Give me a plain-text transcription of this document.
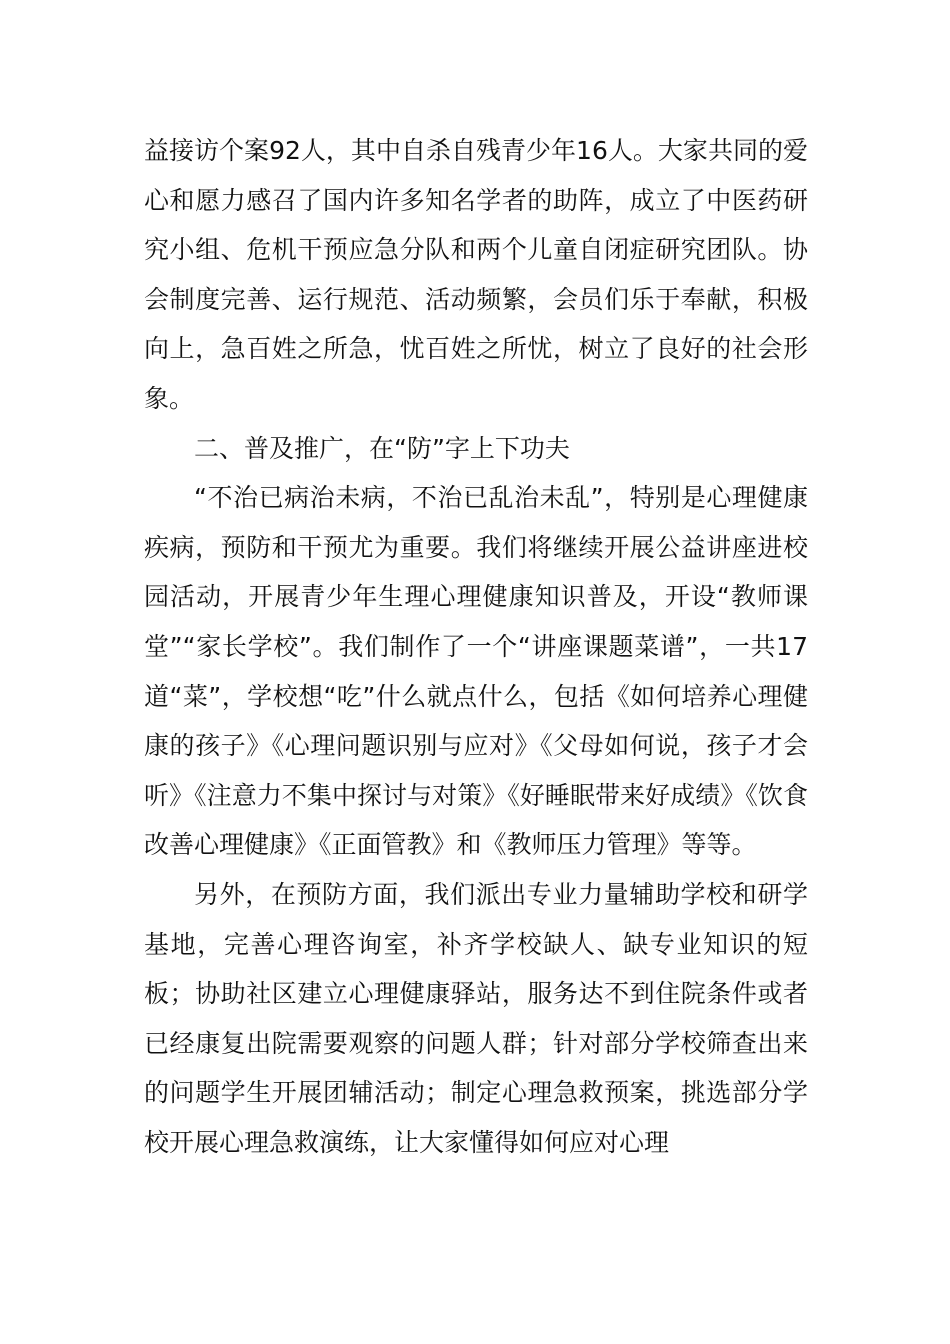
益接访个案92人，其中自杀自残青少年16人。大家共同的爱心和愿力感召了国内许多知名学者的助阵，成立了中医药研究小组、危机干预应急分队和两个儿童自闭症研究团队。协会制度完善、运行规范、活动频繁，会员们乐于奉献，积极向上，急百姓之所急，忧百姓之所忧，树立了良好的社会形象。

二、普及推广，在“防”字上下功夫

“不治已病治未病，不治已乱治未乱”，特别是心理健康疾病，预防和干预尤为重要。我们将继续开展公益讲座进校园活动，开展青少年生理心理健康知识普及，开设“教师课堂”“家长学校”。我们制作了一个“讲座课题菜谱”，一共17道“菜”，学校想“吃”什么就点什么，包括《如何培养心理健康的孩子》《心理问题识别与应对》《父母如何说，孩子才会听》《注意力不集中探讨与对策》《好睡眠带来好成绩》《饮食改善心理健康》《正面管教》和《教师压力管理》等等。

另外，在预防方面，我们派出专业力量辅助学校和研学基地，完善心理咨询室，补齐学校缺人、缺专业知识的短板；协助社区建立心理健康驿站，服务达不到住院条件或者已经康复出院需要观察的问题人群；针对部分学校筛查出来的问题学生开展团辅活动；制定心理急救预案，挑选部分学校开展心理急救演练，让大家懂得如何应对心理
